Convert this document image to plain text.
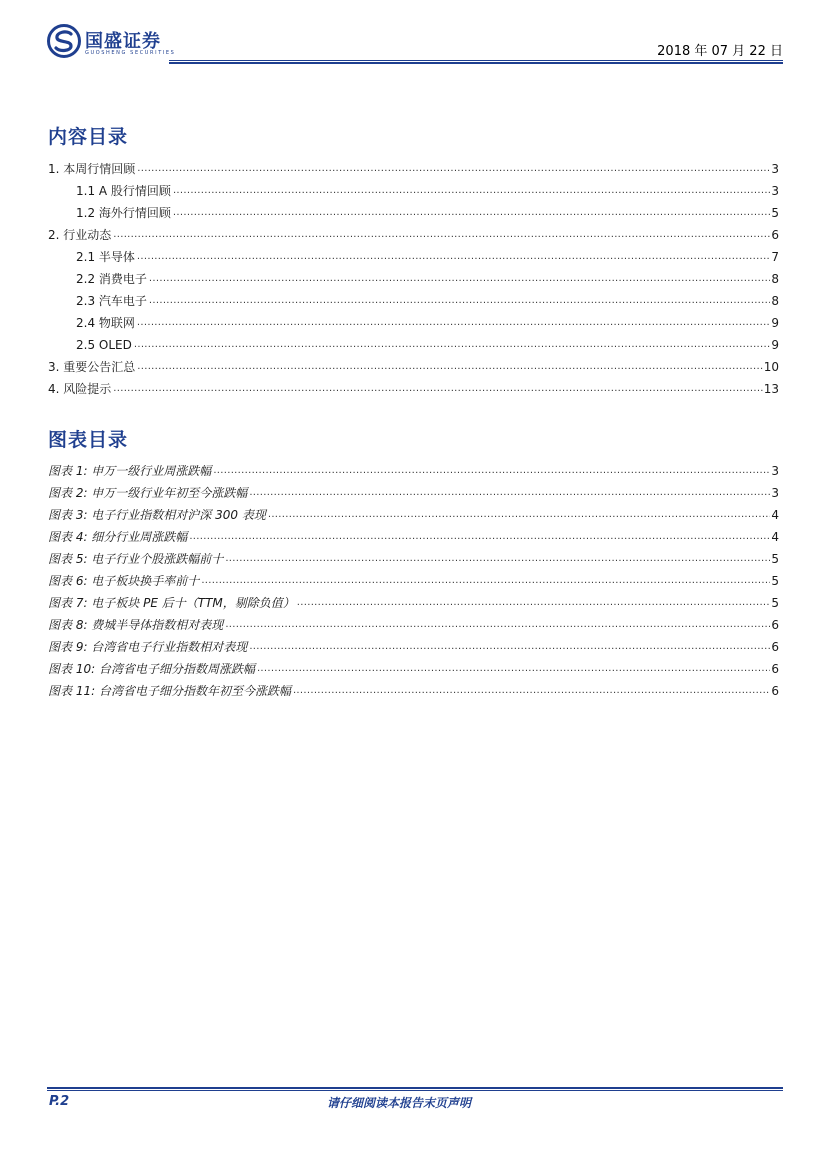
国盛证券
GUOSHENG SECURITIES	2018 年 07 月 22 日
内容目录
1. 本周行情回顾 .....	3
1.1 A 股行情回顾 .....	3
1.2 海外行情回顾 .....	5
2. 行业动态 .....	6
2.1 半导体 .....	7
2.2 消费电子 .....	8
2.3 汽车电子 .....	8
2.4 物联网 .....	9
2.5 OLED .....	9
3. 重要公告汇总 .....	10
4. 风险提示 .....	13
图表目录
图表 1: 申万一级行业周涨跌幅 .....	3
图表 2: 申万一级行业年初至今涨跌幅 .....	3
图表 3: 电子行业指数相对沪深 300 表现 .....	4
图表 4: 细分行业周涨跌幅 .....	4
图表 5: 电子行业个股涨跌幅前十 .....	5
图表 6: 电子板块换手率前十 .....	5
图表 7: 电子板块 PE 后十（TTM，剔除负值） .....	5
图表 8: 费城半导体指数相对表现 .....	6
图表 9: 台湾省电子行业指数相对表现 .....	6
图表 10: 台湾省电子细分指数周涨跌幅 .....	6
图表 11: 台湾省电子细分指数年初至今涨跌幅 .....	6
P.2	请仔细阅读本报告末页声明
